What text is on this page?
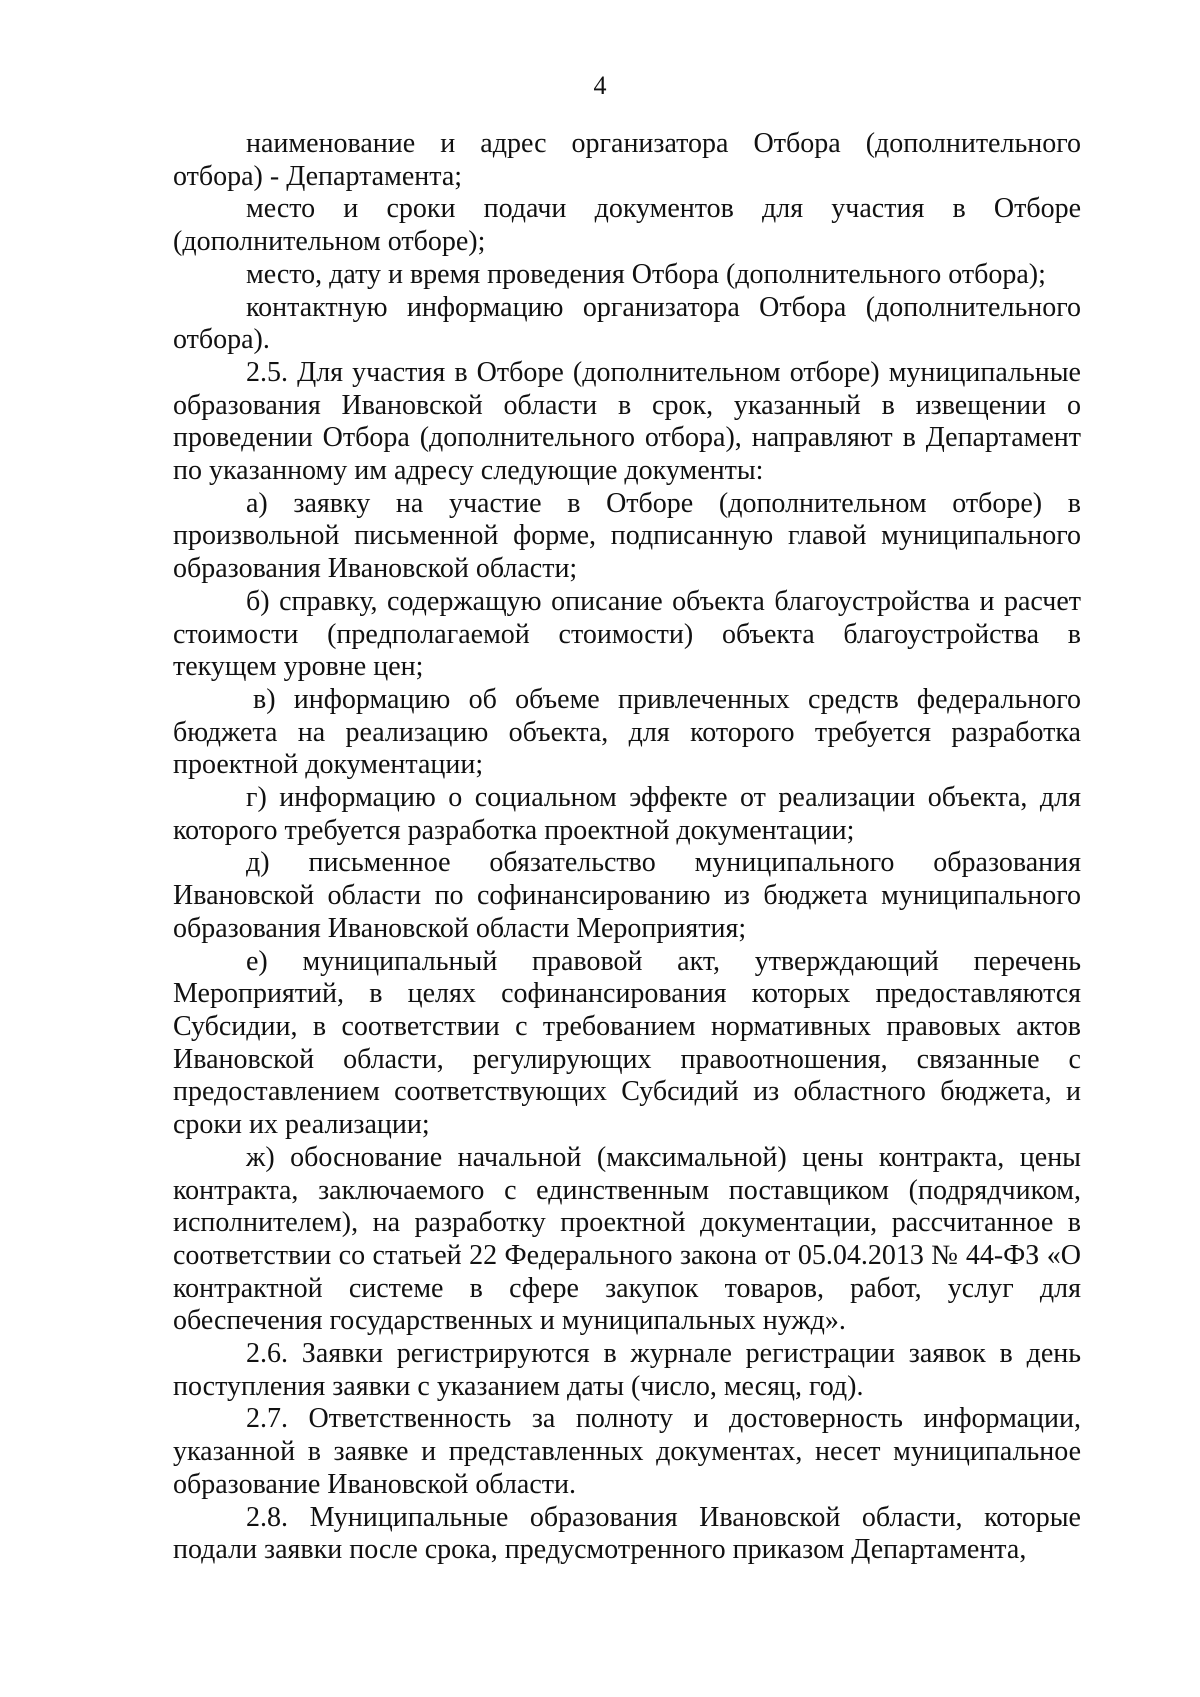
4

наименование и адрес организатора Отбора (дополнительного отбора) - Департамента;

место и сроки подачи документов для участия в Отборе (дополнительном отборе);

место, дату и время проведения Отбора (дополнительного отбора);

контактную информацию организатора Отбора (дополнительного отбора).

2.5. Для участия в Отборе (дополнительном отборе) муниципальные образования Ивановской области в срок, указанный в извещении о проведении Отбора (дополнительного отбора), направляют в Департамент по указанному им адресу следующие документы:

а) заявку на участие в Отборе (дополнительном отборе) в произвольной письменной форме, подписанную главой муниципального образования Ивановской области;

б) справку, содержащую описание объекта благоустройства и расчет стоимости (предполагаемой стоимости) объекта благоустройства в текущем уровне цен;

в) информацию об объеме привлеченных средств федерального бюджета на реализацию объекта, для которого требуется разработка проектной документации;

г) информацию о социальном эффекте от реализации объекта, для которого требуется разработка проектной документации;

д) письменное обязательство муниципального образования Ивановской области по софинансированию из бюджета муниципального образования Ивановской области Мероприятия;

е) муниципальный правовой акт, утверждающий перечень Мероприятий, в целях софинансирования которых предоставляются Субсидии, в соответствии с требованием нормативных правовых актов Ивановской области, регулирующих правоотношения, связанные с предоставлением соответствующих Субсидий из областного бюджета, и сроки их реализации;

ж) обоснование начальной (максимальной) цены контракта, цены контракта, заключаемого с единственным поставщиком (подрядчиком, исполнителем), на разработку проектной документации, рассчитанное в соответствии со статьей 22 Федерального закона от 05.04.2013 № 44-ФЗ «О контрактной системе в сфере закупок товаров, работ, услуг для обеспечения государственных и муниципальных нужд».

2.6. Заявки регистрируются в журнале регистрации заявок в день поступления заявки с указанием даты (число, месяц, год).

2.7. Ответственность за полноту и достоверность информации, указанной в заявке и представленных документах, несет муниципальное образование Ивановской области.

2.8. Муниципальные образования Ивановской области, которые подали заявки после срока, предусмотренного приказом Департамента,
